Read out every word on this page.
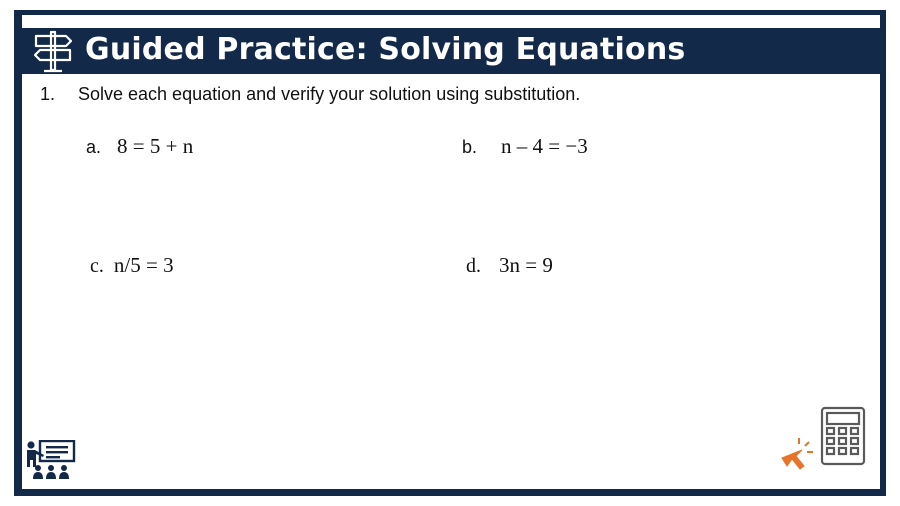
Guided Practice: Solving Equations
1. Solve each equation and verify your solution using substitution.
a. 8 = 5 + n	b. n – 4 = −3
c. n/5 = 3	d. 3n = 9
